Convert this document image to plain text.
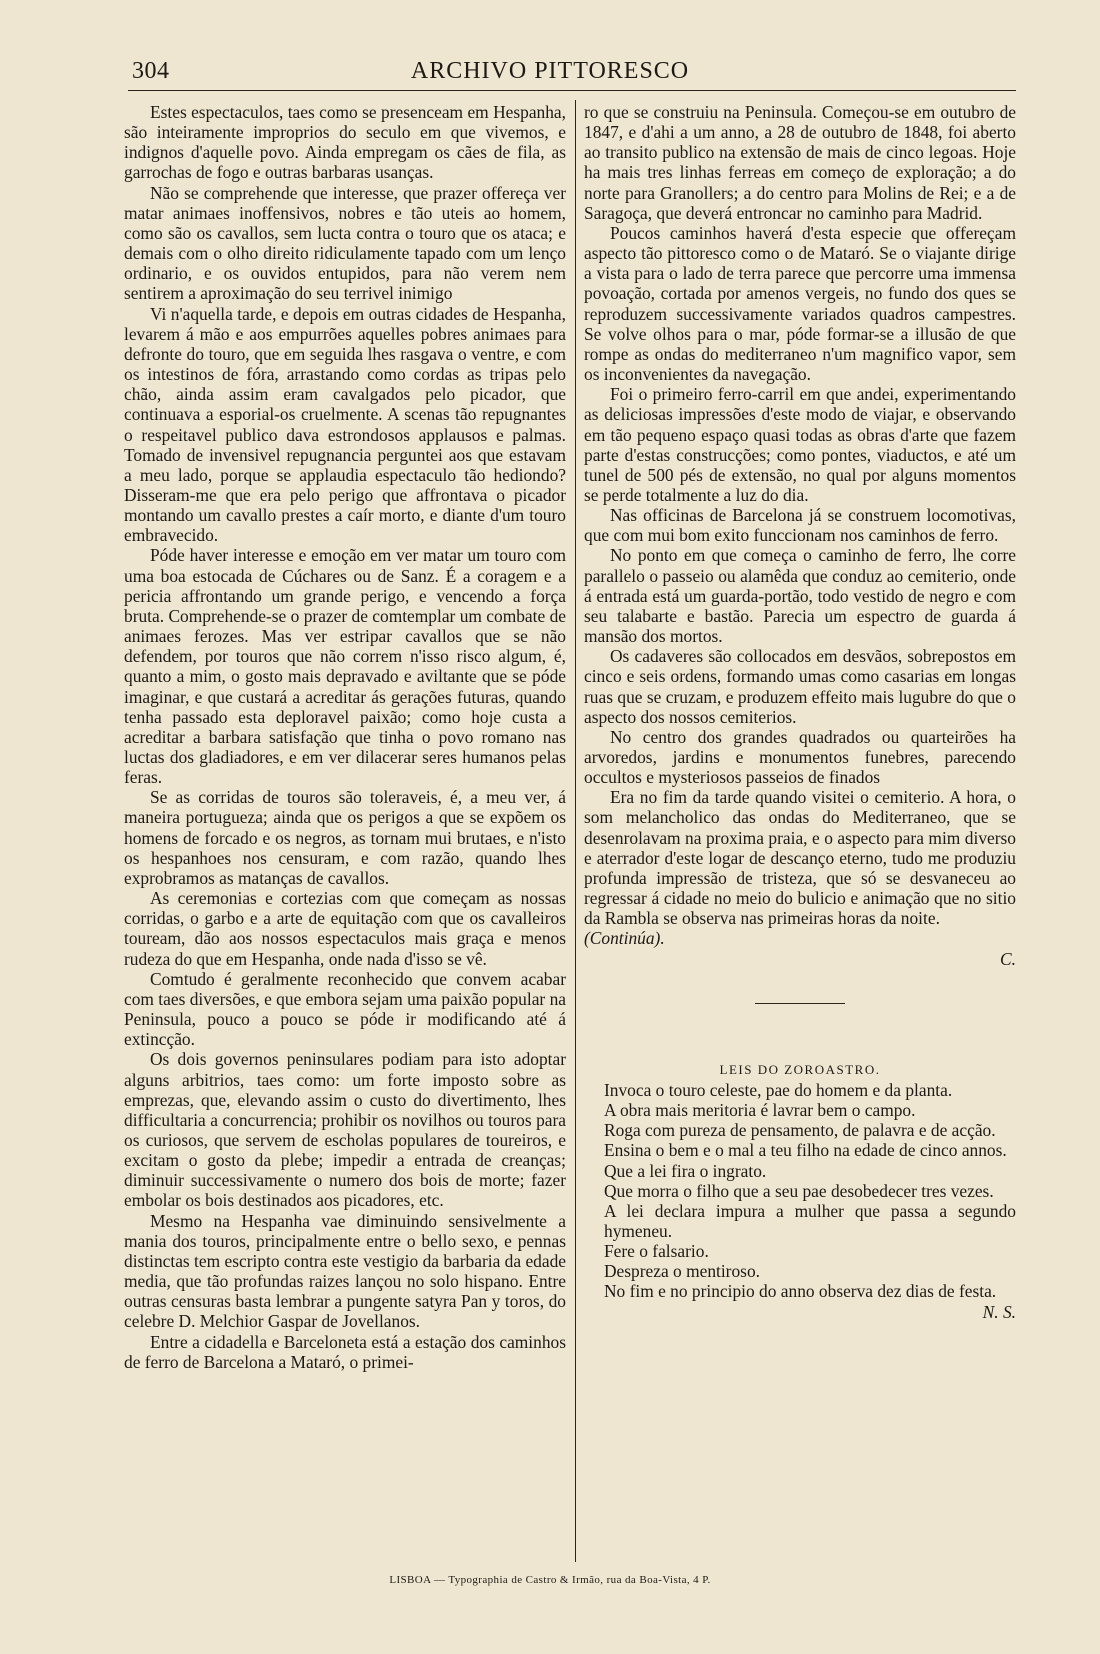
304	ARCHIVO PITTORESCO

Estes espectaculos, taes como se presenceam em Hespanha, são inteiramente improprios do seculo em que vivemos, e indignos d'aquelle povo. Ainda empregam os cães de fila, as garrochas de fogo e outras barbaras usanças.

Não se comprehende que interesse, que prazer offereça ver matar animaes inoffensivos, nobres e tão uteis ao homem, como são os cavallos, sem lucta contra o touro que os ataca; e demais com o olho direito ridiculamente tapado com um lenço ordinario, e os ouvidos entupidos, para não verem nem sentirem a aproximação do seu terrivel inimigo

Vi n'aquella tarde, e depois em outras cidades de Hespanha, levarem á mão e aos empurrões aquelles pobres animaes para defronte do touro, que em seguida lhes rasgava o ventre, e com os intestinos de fóra, arrastando como cordas as tripas pelo chão, ainda assim eram cavalgados pelo picador, que continuava a esporial-os cruelmente. A scenas tão repugnantes o respeitavel publico dava estrondosos applausos e palmas. Tomado de invensivel repugnancia perguntei aos que estavam a meu lado, porque se applaudia espectaculo tão hediondo? Disseram-me que era pelo perigo que affrontava o picador montando um cavallo prestes a caír morto, e diante d'um touro embravecido.

Póde haver interesse e emoção em ver matar um touro com uma boa estocada de Cúchares ou de Sanz. É a coragem e a pericia affrontando um grande perigo, e vencendo a força bruta. Comprehende-se o prazer de comtemplar um combate de animaes ferozes. Mas ver estripar cavallos que se não defendem, por touros que não correm n'isso risco algum, é, quanto a mim, o gosto mais depravado e aviltante que se póde imaginar, e que custará a acreditar ás gerações futuras, quando tenha passado esta deploravel paixão; como hoje custa a acreditar a barbara satisfação que tinha o povo romano nas luctas dos gladiadores, e em ver dilacerar seres humanos pelas feras.

Se as corridas de touros são toleraveis, é, a meu ver, á maneira portugueza; ainda que os perigos a que se expõem os homens de forcado e os negros, as tornam mui brutaes, e n'isto os hespanhoes nos censuram, e com razão, quando lhes exprobramos as matanças de cavallos.

As ceremonias e cortezias com que começam as nossas corridas, o garbo e a arte de equitação com que os cavalleiros touream, dão aos nossos espectaculos mais graça e menos rudeza do que em Hespanha, onde nada d'isso se vê.

Comtudo é geralmente reconhecido que convem acabar com taes diversões, e que embora sejam uma paixão popular na Peninsula, pouco a pouco se póde ir modificando até á extincção.

Os dois governos peninsulares podiam para isto adoptar alguns arbitrios, taes como: um forte imposto sobre as emprezas, que, elevando assim o custo do divertimento, lhes difficultaria a concurrencia; prohibir os novilhos ou touros para os curiosos, que servem de escholas populares de toureiros, e excitam o gosto da plebe; impedir a entrada de creanças; diminuir successivamente o numero dos bois de morte; fazer embolar os bois destinados aos picadores, etc.

Mesmo na Hespanha vae diminuindo sensivelmente a mania dos touros, principalmente entre o bello sexo, e pennas distinctas tem escripto contra este vestigio da barbaria da edade media, que tão profundas raizes lançou no solo hispano. Entre outras censuras basta lembrar a pungente satyra Pan y toros, do celebre D. Melchior Gaspar de Jovellanos.

Entre a cidadella e Barceloneta está a estação dos caminhos de ferro de Barcelona a Mataró, o primei-

ro que se construiu na Peninsula. Começou-se em outubro de 1847, e d'ahi a um anno, a 28 de outubro de 1848, foi aberto ao transito publico na extensão de mais de cinco legoas. Hoje ha mais tres linhas ferreas em começo de exploração; a do norte para Granollers; a do centro para Molins de Rei; e a de Saragoça, que deverá entroncar no caminho para Madrid.

Poucos caminhos haverá d'esta especie que offereçam aspecto tão pittoresco como o de Mataró. Se o viajante dirige a vista para o lado de terra parece que percorre uma immensa povoação, cortada por amenos vergeis, no fundo dos ques se reproduzem successivamente variados quadros campestres. Se volve olhos para o mar, póde formar-se a illusão de que rompe as ondas do mediterraneo n'um magnifico vapor, sem os inconvenientes da navegação.

Foi o primeiro ferro-carril em que andei, experimentando as deliciosas impressões d'este modo de viajar, e observando em tão pequeno espaço quasi todas as obras d'arte que fazem parte d'estas construcções; como pontes, viaductos, e até um tunel de 500 pés de extensão, no qual por alguns momentos se perde totalmente a luz do dia.

Nas officinas de Barcelona já se construem locomotivas, que com mui bom exito funccionam nos caminhos de ferro.

No ponto em que começa o caminho de ferro, lhe corre parallelo o passeio ou alamêda que conduz ao cemiterio, onde á entrada está um guarda-portão, todo vestido de negro e com seu talabarte e bastão. Parecia um espectro de guarda á mansão dos mortos.

Os cadaveres são collocados em desvãos, sobrepostos em cinco e seis ordens, formando umas como casarias em longas ruas que se cruzam, e produzem effeito mais lugubre do que o aspecto dos nossos cemiterios.

No centro dos grandes quadrados ou quarteirões ha arvoredos, jardins e monumentos funebres, parecendo occultos e mysteriosos passeios de finados

Era no fim da tarde quando visitei o cemiterio. A hora, o som melancholico das ondas do Mediterraneo, que se desenrolavam na proxima praia, e o aspecto para mim diverso e aterrador d'este logar de descanço eterno, tudo me produziu profunda impressão de tristeza, que só se desvaneceu ao regressar á cidade no meio do bulicio e animação que no sitio da Rambla se observa nas primeiras horas da noite.

(Continúa).

C.

LEIS DO ZOROASTRO.

Invoca o touro celeste, pae do homem e da planta.

A obra mais meritoria é lavrar bem o campo.

Roga com pureza de pensamento, de palavra e de acção.

Ensina o bem e o mal a teu filho na edade de cinco annos.

Que a lei fira o ingrato.

Que morra o filho que a seu pae desobedecer tres vezes.

A lei declara impura a mulher que passa a segundo hymeneu.

Fere o falsario.

Despreza o mentiroso.

No fim e no principio do anno observa dez dias de festa.

N. S.

LISBOA — Typographia de Castro & Irmão, rua da Boa-Vista, 4 P.
